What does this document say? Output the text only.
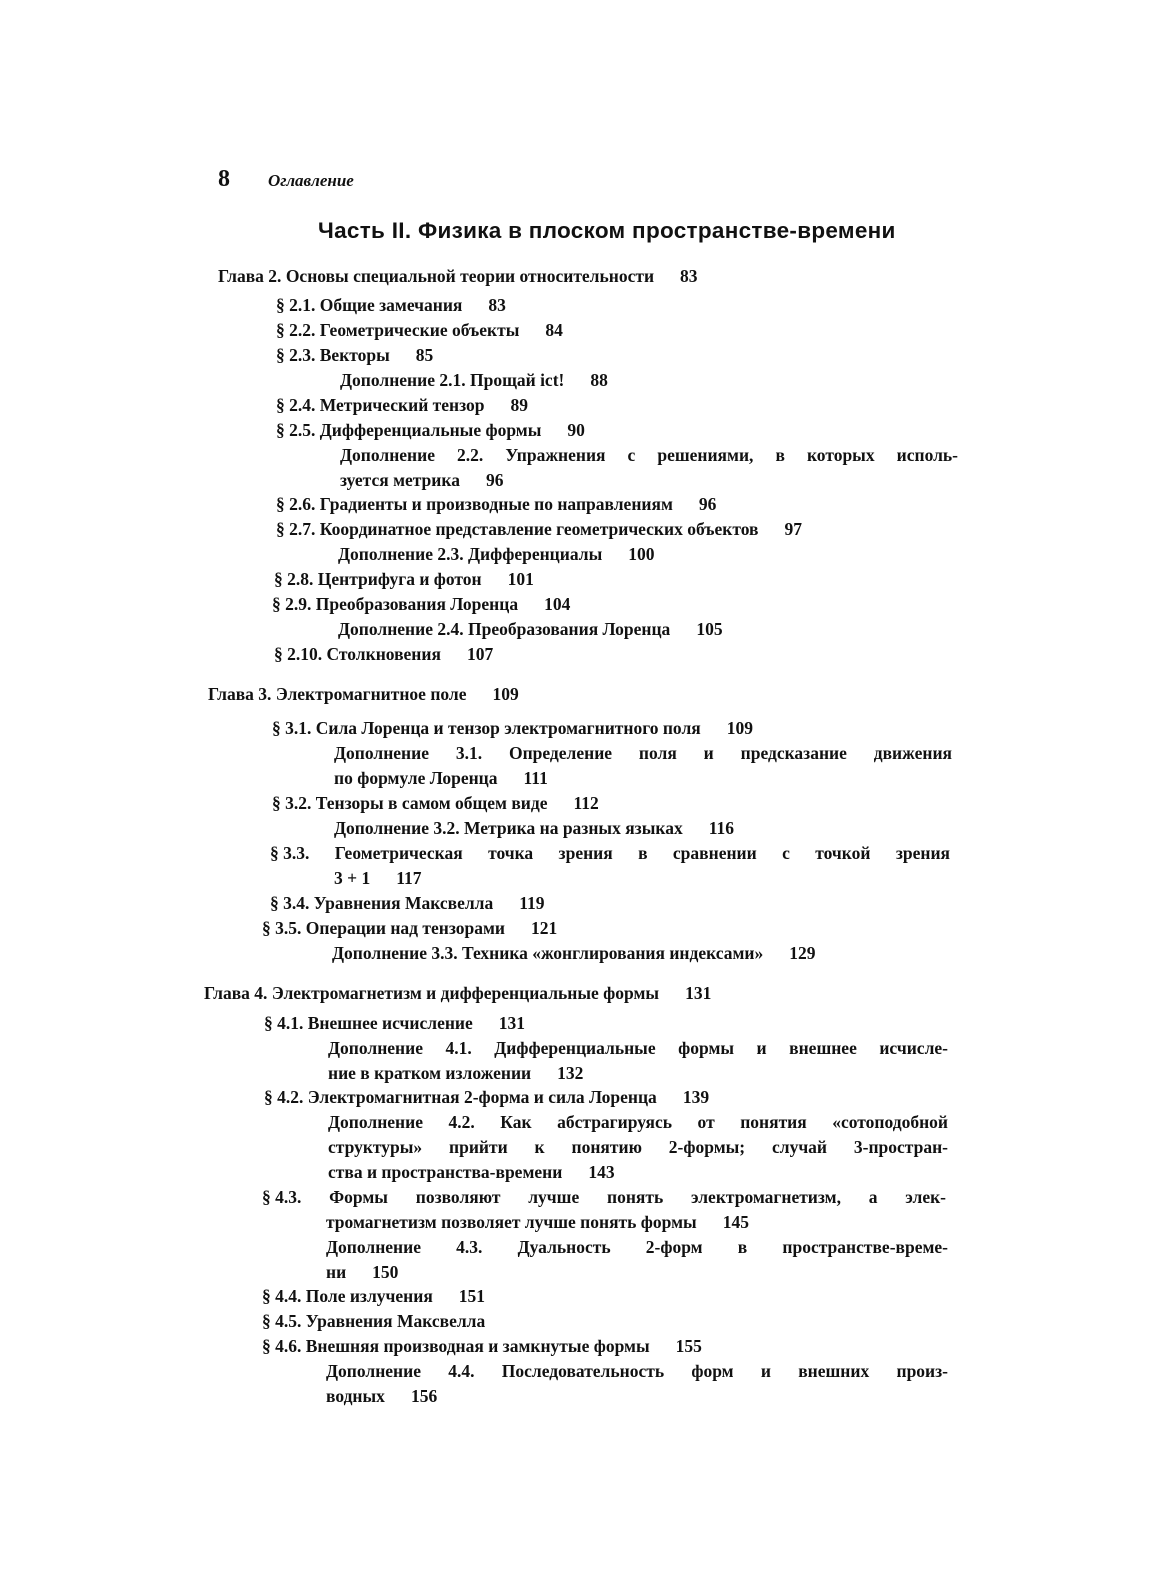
8 Оглавление
Часть II. Физика в плоском пространстве-времени
Глава 2. Основы специальной теории относительности 83
§ 2.1. Общие замечания 83
§ 2.2. Геометрические объекты 84
§ 2.3. Векторы 85
Дополнение 2.1. Прощай ict! 88
§ 2.4. Метрический тензор 89
§ 2.5. Дифференциальные формы 90
Дополнение 2.2. Упражнения с решениями, в которых исполь-
зуется метрика 96
§ 2.6. Градиенты и производные по направлениям 96
§ 2.7. Координатное представление геометрических объектов 97
Дополнение 2.3. Дифференциалы 100
§ 2.8. Центрифуга и фотон 101
§ 2.9. Преобразования Лоренца 104
Дополнение 2.4. Преобразования Лоренца 105
§ 2.10. Столкновения 107
Глава 3. Электромагнитное поле 109
§ 3.1. Сила Лоренца и тензор электромагнитного поля 109
Дополнение 3.1. Определение поля и предсказание движения
по формуле Лоренца 111
§ 3.2. Тензоры в самом общем виде 112
Дополнение 3.2. Метрика на разных языках 116
§ 3.3. Геометрическая точка зрения в сравнении с точкой зрения
3 + 1 117
§ 3.4. Уравнения Максвелла 119
§ 3.5. Операции над тензорами 121
Дополнение 3.3. Техника «жонглирования индексами» 129
Глава 4. Электромагнетизм и дифференциальные формы 131
§ 4.1. Внешнее исчисление 131
Дополнение 4.1. Дифференциальные формы и внешнее исчисле-
ние в кратком изложении 132
§ 4.2. Электромагнитная 2-форма и сила Лоренца 139
Дополнение 4.2. Как абстрагируясь от понятия «сотоподобной
структуры» прийти к понятию 2-формы; случай 3-простран-
ства и пространства-времени 143
§ 4.3. Формы позволяют лучше понять электромагнетизм, а элек-
тромагнетизм позволяет лучше понять формы 145
Дополнение 4.3. Дуальность 2-форм в пространстве-време-
ни 150
§ 4.4. Поле излучения 151
§ 4.5. Уравнения Максвелла
§ 4.6. Внешняя производная и замкнутые формы 155
Дополнение 4.4. Последовательность форм и внешних произ-
водных 156
